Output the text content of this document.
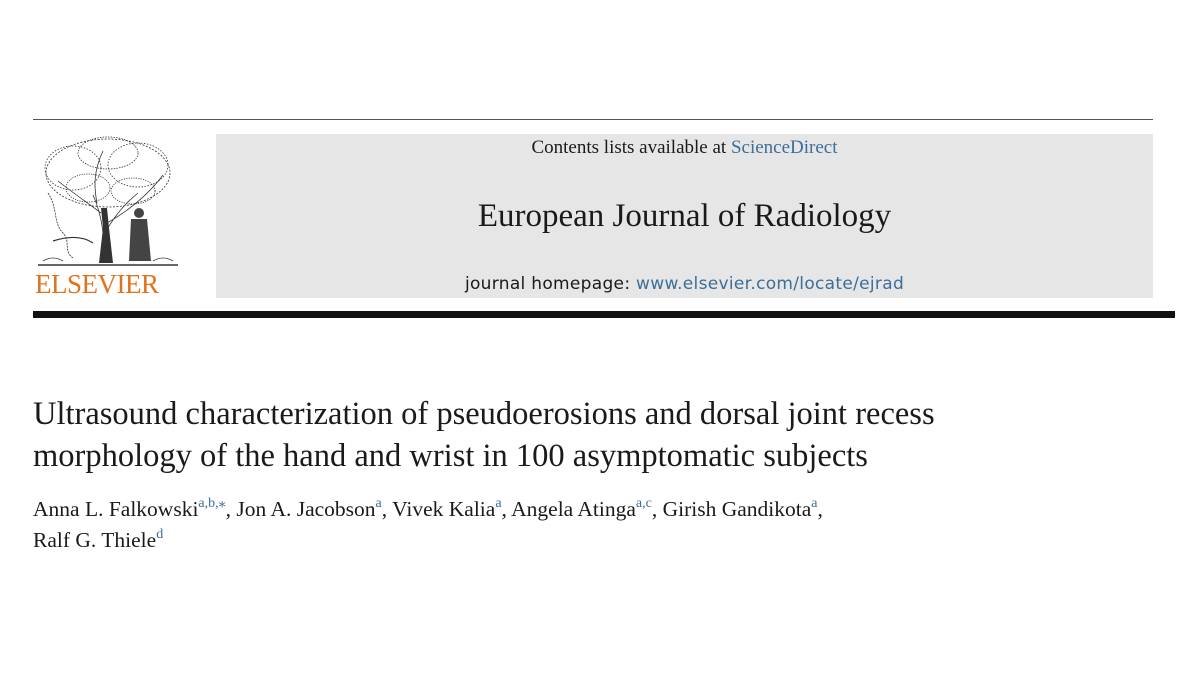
ELSEVIER
Contents lists available at ScienceDirect
European Journal of Radiology
journal homepage: www.elsevier.com/locate/ejrad
Ultrasound characterization of pseudoerosions and dorsal joint recess
morphology of the hand and wrist in 100 asymptomatic subjects
Anna L. Falkowski$^{a,b,⁎}$, Jon A. Jacobson$^a$, Vivek Kalia$^a$, Angela Atinga$^{a,c}$, Girish Gandikota$^a$,
Ralf G. Thiele$^d$
